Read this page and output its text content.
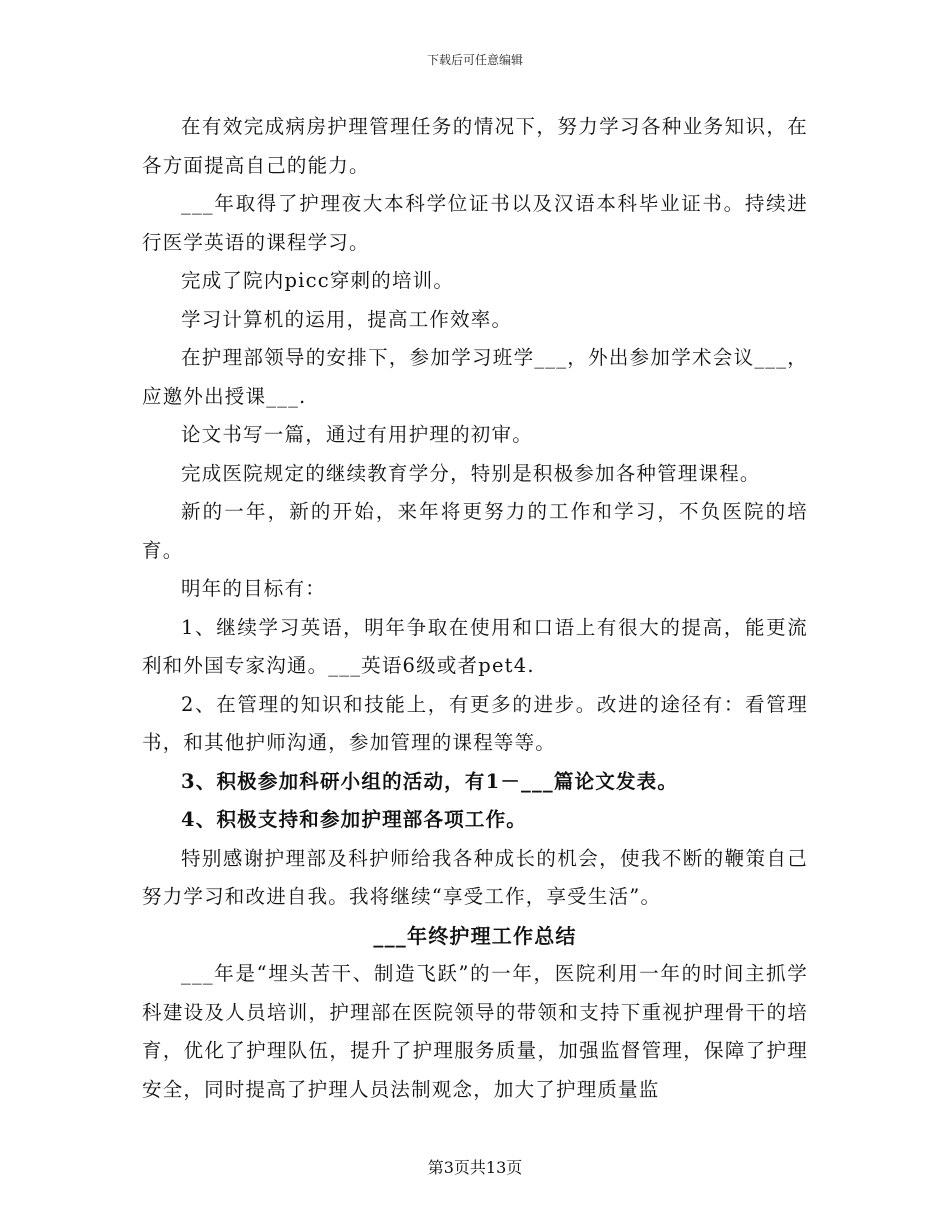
下载后可任意编辑

在有效完成病房护理管理任务的情况下，努力学习各种业务知识，在各方面提高自己的能力。

___年取得了护理夜大本科学位证书以及汉语本科毕业证书。持续进行医学英语的课程学习。

完成了院内picc穿刺的培训。

学习计算机的运用，提高工作效率。

在护理部领导的安排下，参加学习班学___，外出参加学术会议___，应邀外出授课___.

论文书写一篇，通过有用护理的初审。

完成医院规定的继续教育学分，特别是积极参加各种管理课程。

新的一年，新的开始，来年将更努力的工作和学习，不负医院的培育。

明年的目标有：

1、继续学习英语，明年争取在使用和口语上有很大的提高，能更流利和外国专家沟通。___英语6级或者pet4.

2、在管理的知识和技能上，有更多的进步。改进的途径有：看管理书，和其他护师沟通，参加管理的课程等等。

3、积极参加科研小组的活动，有1－___篇论文发表。

4、积极支持和参加护理部各项工作。

特别感谢护理部及科护师给我各种成长的机会，使我不断的鞭策自己努力学习和改进自我。我将继续“享受工作，享受生活”。

___年终护理工作总结

___年是“埋头苦干、制造飞跃”的一年，医院利用一年的时间主抓学科建设及人员培训，护理部在医院领导的带领和支持下重视护理骨干的培育，优化了护理队伍，提升了护理服务质量，加强监督管理，保障了护理安全，同时提高了护理人员法制观念，加大了护理质量监

第3页共13页
